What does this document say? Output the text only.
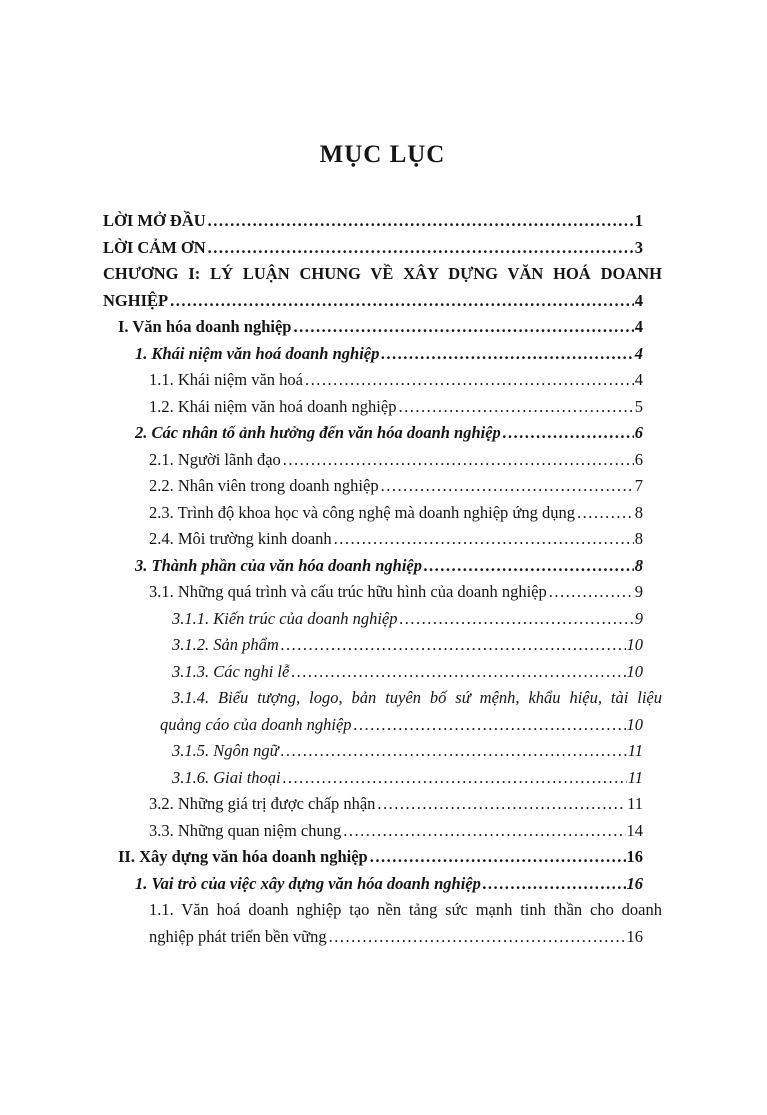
MỤC LỤC
LỜI MỞ ĐẦU .....	1
LỜI CẢM ƠN .....	3
CHƯƠNG I: LÝ LUẬN CHUNG VỀ XÂY DỰNG VĂN HOÁ DOANH
NGHIỆP .....	4
I. Văn hóa doanh nghiệp .....	4
1. Khái niệm văn hoá doanh nghiệp .....	4
1.1. Khái niệm văn hoá .....	4
1.2. Khái niệm văn hoá doanh nghiệp .....	5
2. Các nhân tố ảnh hưởng đến văn hóa doanh nghiệp .....	6
2.1. Người lãnh đạo .....	6
2.2. Nhân viên trong doanh nghiệp .....	7
2.3. Trình độ khoa học và công nghệ mà doanh nghiệp ứng dụng .....	8
2.4. Môi trường kinh doanh .....	8
3. Thành phần của văn hóa doanh nghiệp .....	8
3.1. Những quá trình và cấu trúc hữu hình của doanh nghiệp .....	9
3.1.1. Kiến trúc của doanh nghiệp .....	9
3.1.2. Sản phẩm .....	10
3.1.3. Các nghi lễ .....	10
3.1.4. Biểu tượng, logo, bản tuyên bố sứ mệnh, khẩu hiệu, tài liệu
quảng cáo của doanh nghiệp .....	10
3.1.5. Ngôn ngữ .....	11
3.1.6. Giai thoại .....	11
3.2. Những giá trị được chấp nhận .....	11
3.3. Những quan niệm chung .....	14
II. Xây dựng văn hóa doanh nghiệp .....	16
1. Vai trò của việc xây dựng văn hóa doanh nghiệp .....	16
1.1. Văn hoá doanh nghiệp tạo nền tảng sức mạnh tinh thần cho doanh
nghiệp phát triển bền vững .....	16
